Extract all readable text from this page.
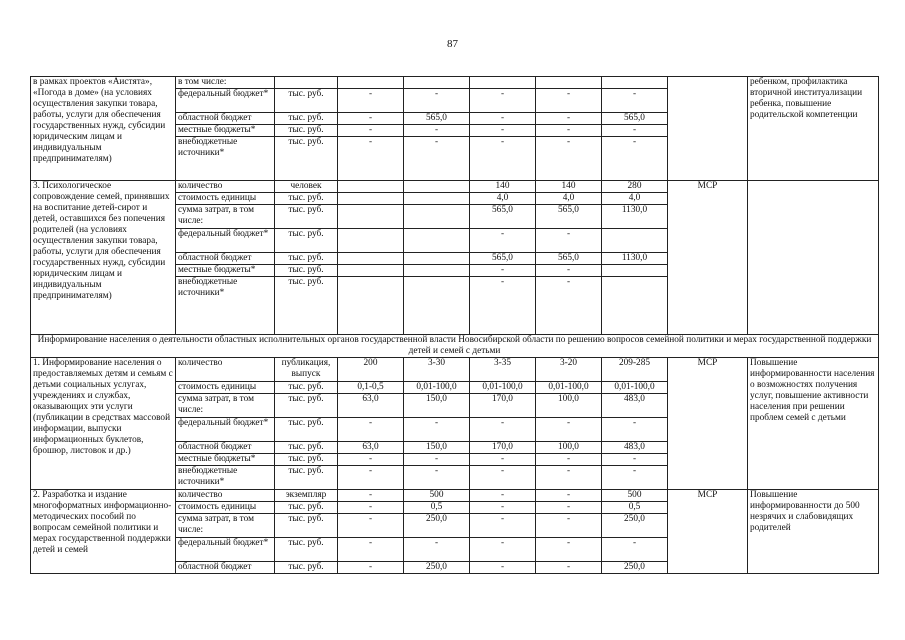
87
в рамках проектов «Аистята», «Погода в доме» (на условиях осуществления закупки товара, работы, услуги для обеспечения государственных нужд, субсидии юридическим лицам и индивидуальным предпринимателям)	в том числе:								ребенком, профилактика вторичной институализации ребенка, повышение родительской компетенции
	федеральный бюджет*	тыс. руб.	-	-	-	-	-		
	областной бюджет	тыс. руб.	-	565,0	-	-	565,0		
	местные бюджеты*	тыс. руб.	-	-	-	-	-		
	внебюджетные источники*	тыс. руб.	-	-	-	-	-		
3. Психологическое сопровождение семей, принявших на воспитание детей-сирот и детей, оставшихся без попечения родителей (на условиях осуществления закупки товара, работы, услуги для обеспечения государственных нужд, субсидии юридическим лицам и индивидуальным предпринимателям)	количество	человек			140	140	280	МСР	
	стоимость единицы	тыс. руб.			4,0	4,0	4,0		
	сумма затрат, в том числе:	тыс. руб.			565,0	565,0	1130,0		
	федеральный бюджет*	тыс. руб.			-	-			
	областной бюджет	тыс. руб.			565,0	565,0	1130,0		
	местные бюджеты*	тыс. руб.			-	-			
	внебюджетные источники*	тыс. руб.			-	-			
Информирование населения о деятельности областных исполнительных органов государственной власти Новосибирской области по решению вопросов семейной политики и мерах государственной поддержки детей и семей с детьми									
1. Информирование населения о предоставляемых детям и семьям с детьми социальных услугах, учреждениях и службах, оказывающих эти услуги (публикации в средствах массовой информации, выпуски информационных буклетов, брошюр, листовок и др.)	количество	публикация, выпуск	200	3-30	3-35	3-20	209-285	МСР	Повышение информированности населения о возможностях получения услуг, повышение активности населения при решении проблем семей с детьми
	стоимость единицы	тыс. руб.	0,1-0,5	0,01-100,0	0,01-100,0	0,01-100,0	0,01-100,0		
	сумма затрат, в том числе:	тыс. руб.	63,0	150,0	170,0	100,0	483,0		
	федеральный бюджет*	тыс. руб.	-	-	-	-	-		
	областной бюджет	тыс. руб.	63,0	150,0	170,0	100,0	483,0		
	местные бюджеты*	тыс. руб.	-	-	-	-	-		
	внебюджетные источники*	тыс. руб.	-	-	-	-	-		
2. Разработка и издание многоформатных информационно-методических пособий по вопросам семейной политики и мерах государственной поддержки детей и семей	количество	экземпляр	-	500	-	-	500	МСР	Повышение информированности до 500 незрячих и слабовидящих родителей
	стоимость единицы	тыс. руб.	-	0,5	-	-	0,5		
	сумма затрат, в том числе:	тыс. руб.	-	250,0	-	-	250,0		
	федеральный бюджет*	тыс. руб.	-	-	-	-	-		
	областной бюджет	тыс. руб.	-	250,0	-	-	250,0		
